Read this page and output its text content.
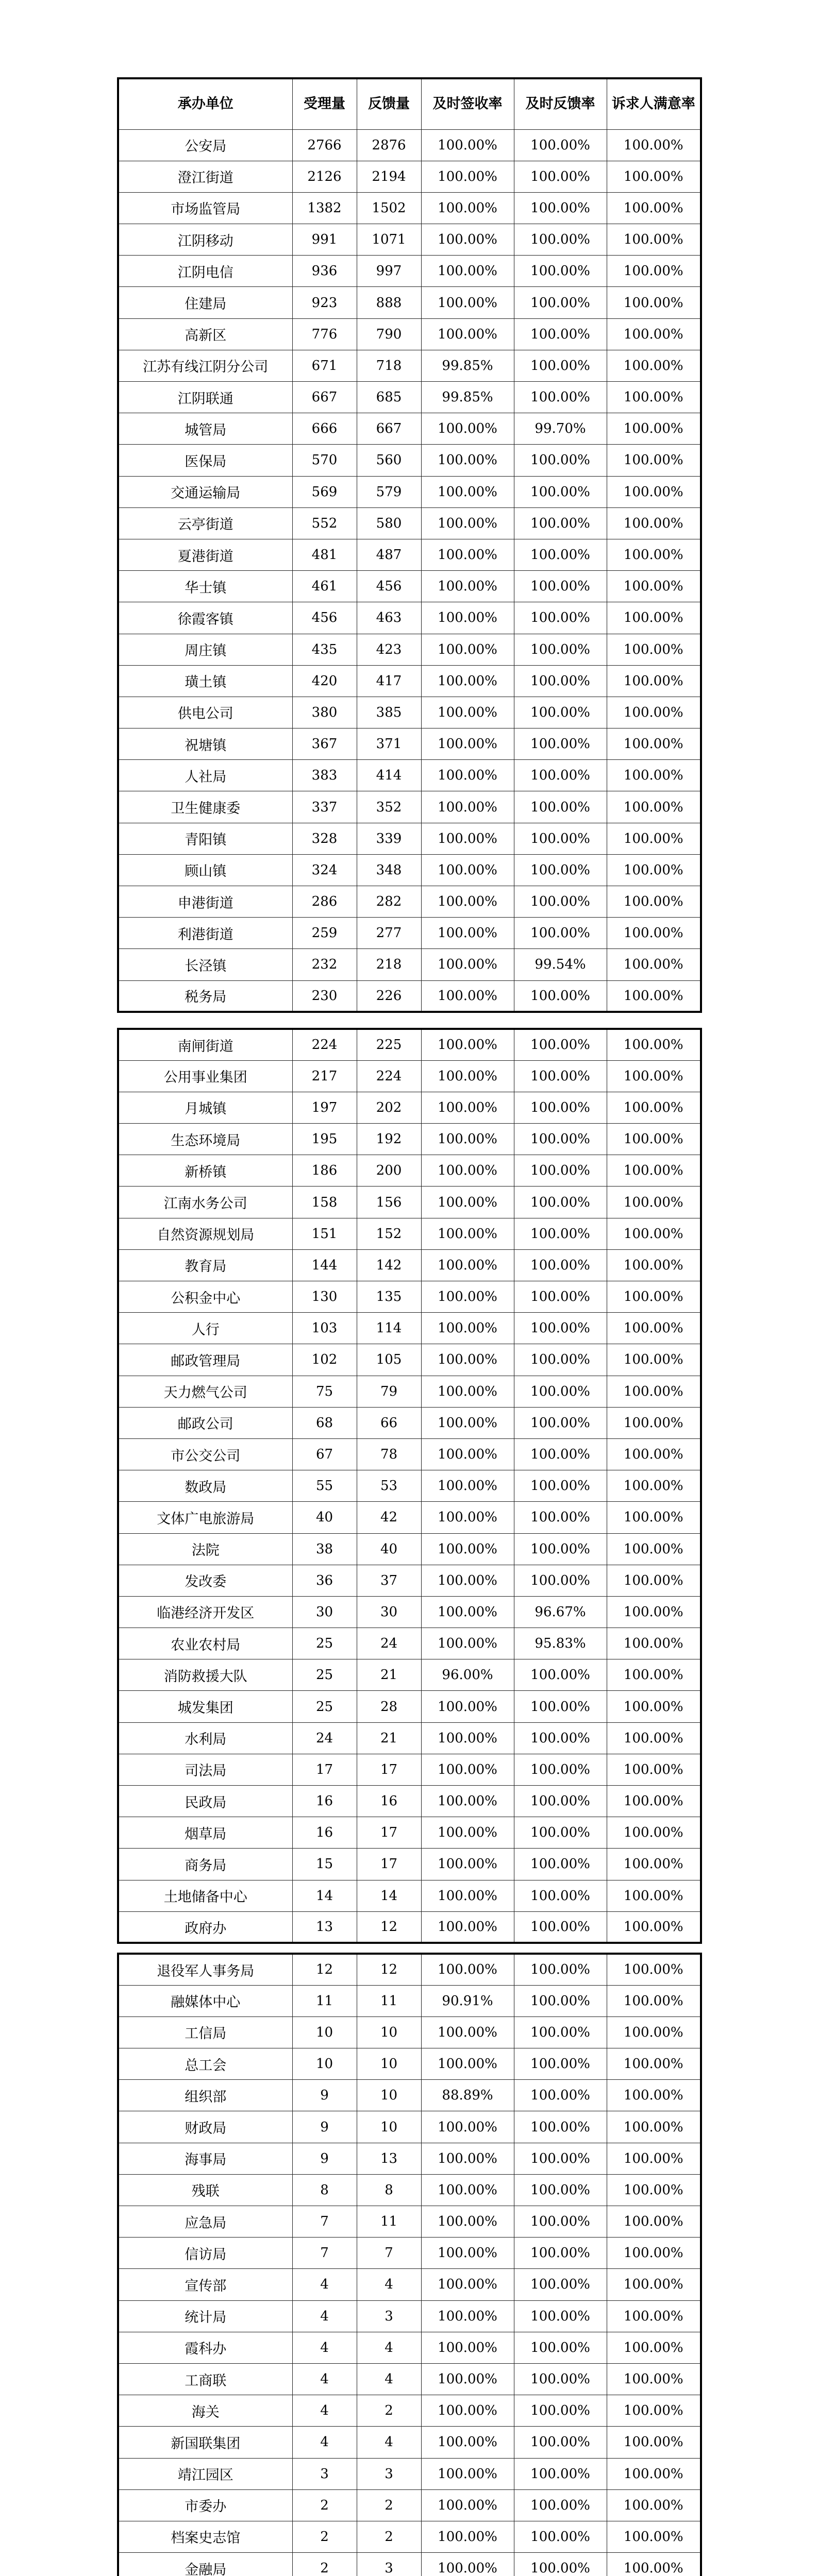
承办单位	受理量	反馈量	及时签收率	及时反馈率	诉求人满意率
公安局	2766	2876	100.00%	100.00%	100.00%
澄江街道	2126	2194	100.00%	100.00%	100.00%
市场监管局	1382	1502	100.00%	100.00%	100.00%
江阴移动	991	1071	100.00%	100.00%	100.00%
江阴电信	936	997	100.00%	100.00%	100.00%
住建局	923	888	100.00%	100.00%	100.00%
高新区	776	790	100.00%	100.00%	100.00%
江苏有线江阴分公司	671	718	99.85%	100.00%	100.00%
江阴联通	667	685	99.85%	100.00%	100.00%
城管局	666	667	100.00%	99.70%	100.00%
医保局	570	560	100.00%	100.00%	100.00%
交通运输局	569	579	100.00%	100.00%	100.00%
云亭街道	552	580	100.00%	100.00%	100.00%
夏港街道	481	487	100.00%	100.00%	100.00%
华士镇	461	456	100.00%	100.00%	100.00%
徐霞客镇	456	463	100.00%	100.00%	100.00%
周庄镇	435	423	100.00%	100.00%	100.00%
璜土镇	420	417	100.00%	100.00%	100.00%
供电公司	380	385	100.00%	100.00%	100.00%
祝塘镇	367	371	100.00%	100.00%	100.00%
人社局	383	414	100.00%	100.00%	100.00%
卫生健康委	337	352	100.00%	100.00%	100.00%
青阳镇	328	339	100.00%	100.00%	100.00%
顾山镇	324	348	100.00%	100.00%	100.00%
申港街道	286	282	100.00%	100.00%	100.00%
利港街道	259	277	100.00%	100.00%	100.00%
长泾镇	232	218	100.00%	99.54%	100.00%
税务局	230	226	100.00%	100.00%	100.00%
南闸街道	224	225	100.00%	100.00%	100.00%
公用事业集团	217	224	100.00%	100.00%	100.00%
月城镇	197	202	100.00%	100.00%	100.00%
生态环境局	195	192	100.00%	100.00%	100.00%
新桥镇	186	200	100.00%	100.00%	100.00%
江南水务公司	158	156	100.00%	100.00%	100.00%
自然资源规划局	151	152	100.00%	100.00%	100.00%
教育局	144	142	100.00%	100.00%	100.00%
公积金中心	130	135	100.00%	100.00%	100.00%
人行	103	114	100.00%	100.00%	100.00%
邮政管理局	102	105	100.00%	100.00%	100.00%
天力燃气公司	75	79	100.00%	100.00%	100.00%
邮政公司	68	66	100.00%	100.00%	100.00%
市公交公司	67	78	100.00%	100.00%	100.00%
数政局	55	53	100.00%	100.00%	100.00%
文体广电旅游局	40	42	100.00%	100.00%	100.00%
法院	38	40	100.00%	100.00%	100.00%
发改委	36	37	100.00%	100.00%	100.00%
临港经济开发区	30	30	100.00%	96.67%	100.00%
农业农村局	25	24	100.00%	95.83%	100.00%
消防救援大队	25	21	96.00%	100.00%	100.00%
城发集团	25	28	100.00%	100.00%	100.00%
水利局	24	21	100.00%	100.00%	100.00%
司法局	17	17	100.00%	100.00%	100.00%
民政局	16	16	100.00%	100.00%	100.00%
烟草局	16	17	100.00%	100.00%	100.00%
商务局	15	17	100.00%	100.00%	100.00%
土地储备中心	14	14	100.00%	100.00%	100.00%
政府办	13	12	100.00%	100.00%	100.00%
退役军人事务局	12	12	100.00%	100.00%	100.00%
融媒体中心	11	11	90.91%	100.00%	100.00%
工信局	10	10	100.00%	100.00%	100.00%
总工会	10	10	100.00%	100.00%	100.00%
组织部	9	10	88.89%	100.00%	100.00%
财政局	9	10	100.00%	100.00%	100.00%
海事局	9	13	100.00%	100.00%	100.00%
残联	8	8	100.00%	100.00%	100.00%
应急局	7	11	100.00%	100.00%	100.00%
信访局	7	7	100.00%	100.00%	100.00%
宣传部	4	4	100.00%	100.00%	100.00%
统计局	4	3	100.00%	100.00%	100.00%
霞科办	4	4	100.00%	100.00%	100.00%
工商联	4	4	100.00%	100.00%	100.00%
海关	4	2	100.00%	100.00%	100.00%
新国联集团	4	4	100.00%	100.00%	100.00%
靖江园区	3	3	100.00%	100.00%	100.00%
市委办	2	2	100.00%	100.00%	100.00%
档案史志馆	2	2	100.00%	100.00%	100.00%
金融局	2	3	100.00%	100.00%	100.00%
